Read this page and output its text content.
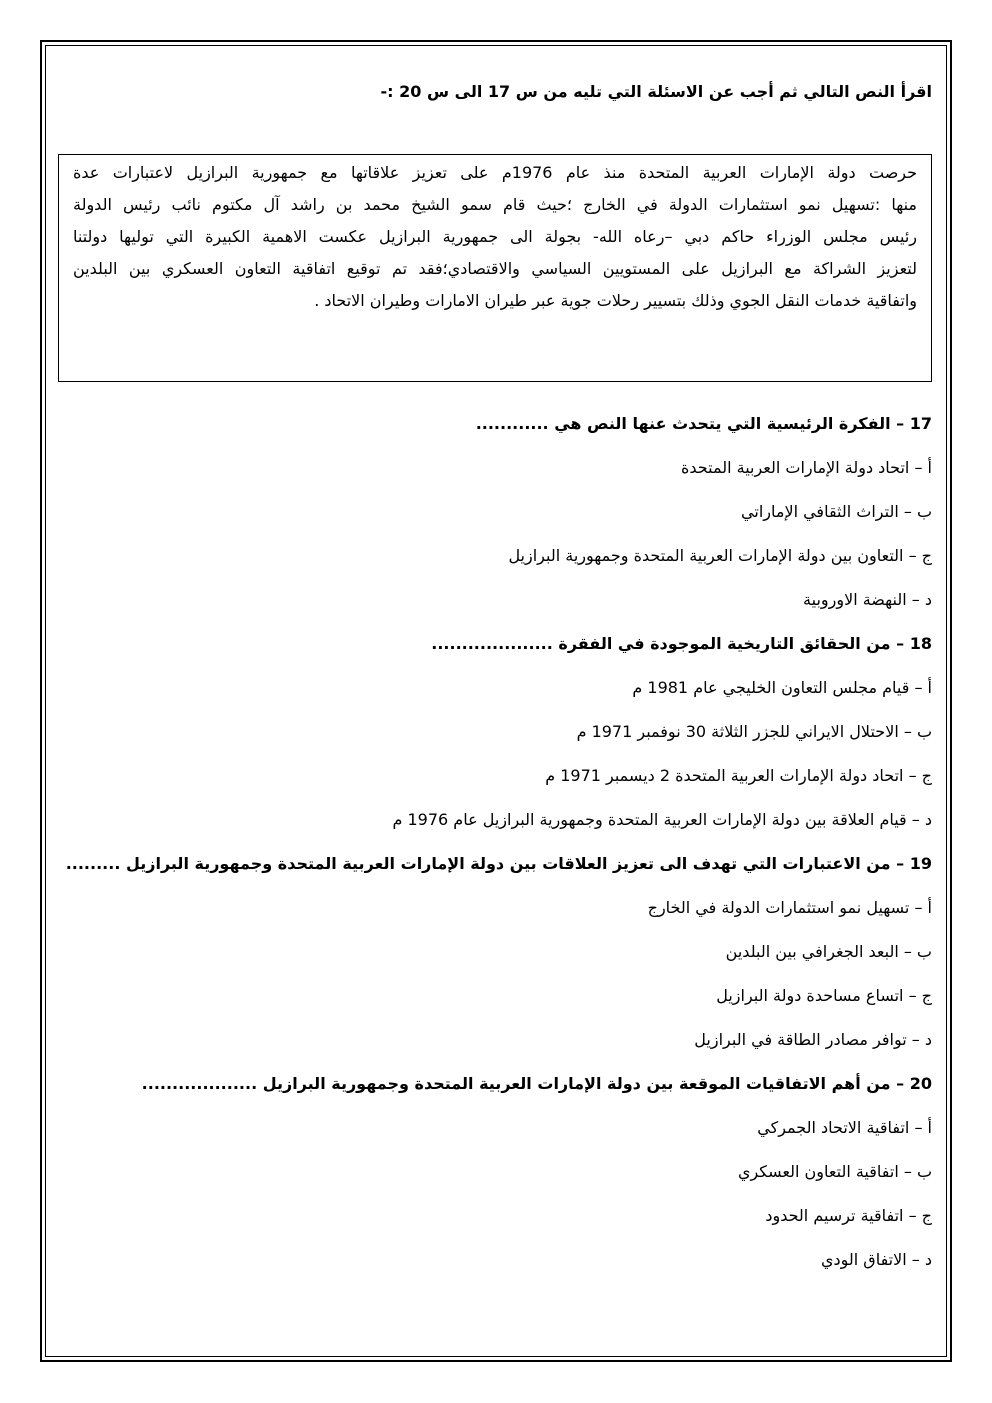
اقرأ النص التالي ثم أجب عن الاسئلة التي تليه من س 17 الى س 20 :-
حرصت دولة الإمارات العربية المتحدة منذ عام 1976م على تعزيز علاقاتها مع جمهورية البرازيل لاعتبارات عدة
منها :تسهيل نمو استثمارات الدولة في الخارج ؛حيث قام سمو الشيخ محمد بن راشد آل مكتوم نائب رئيس الدولة
رئيس مجلس الوزراء حاكم دبي –رعاه الله- بجولة الى جمهورية البرازيل عكست الاهمية الكبيرة التي توليها دولتنا
لتعزيز الشراكة مع البرازيل على المستويين السياسي والاقتصادي؛فقد تم توقيع اتفاقية التعاون العسكري بين البلدين
واتفاقية خدمات النقل الجوي وذلك بتسيير رحلات جوية عبر طيران الامارات وطيران الاتحاد .
17 – الفكرة الرئيسية التي يتحدث عنها النص هي ............
أ – اتحاد دولة الإمارات العربية المتحدة
ب – التراث الثقافي الإماراتي
ج – التعاون بين دولة الإمارات العربية المتحدة وجمهورية البرازيل
د – النهضة الاوروبية
18 – من الحقائق التاريخية الموجودة في الفقرة ....................
أ – قيام مجلس التعاون الخليجي عام 1981 م
ب – الاحتلال الايراني للجزر الثلاثة 30 نوفمبر 1971 م
ج – اتحاد دولة الإمارات العربية المتحدة 2 ديسمبر 1971 م
د – قيام العلاقة بين دولة الإمارات العربية المتحدة وجمهورية البرازيل عام 1976 م
19 – من الاعتبارات التي تهدف الى تعزيز العلاقات بين دولة الإمارات العربية المتحدة وجمهورية البرازيل .........
أ – تسهيل نمو استثمارات الدولة في الخارج
ب – البعد الجغرافي بين البلدين
ج – اتساع مساحدة دولة البرازيل
د – توافر مصادر الطاقة في البرازيل
20 – من أهم الاتفاقيات الموقعة بين دولة الإمارات العربية المتحدة وجمهورية البرازيل ...................
أ – اتفاقية الاتحاد الجمركي
ب – اتفاقية التعاون العسكري
ج – اتفاقية ترسيم الحدود
د – الاتفاق الودي
